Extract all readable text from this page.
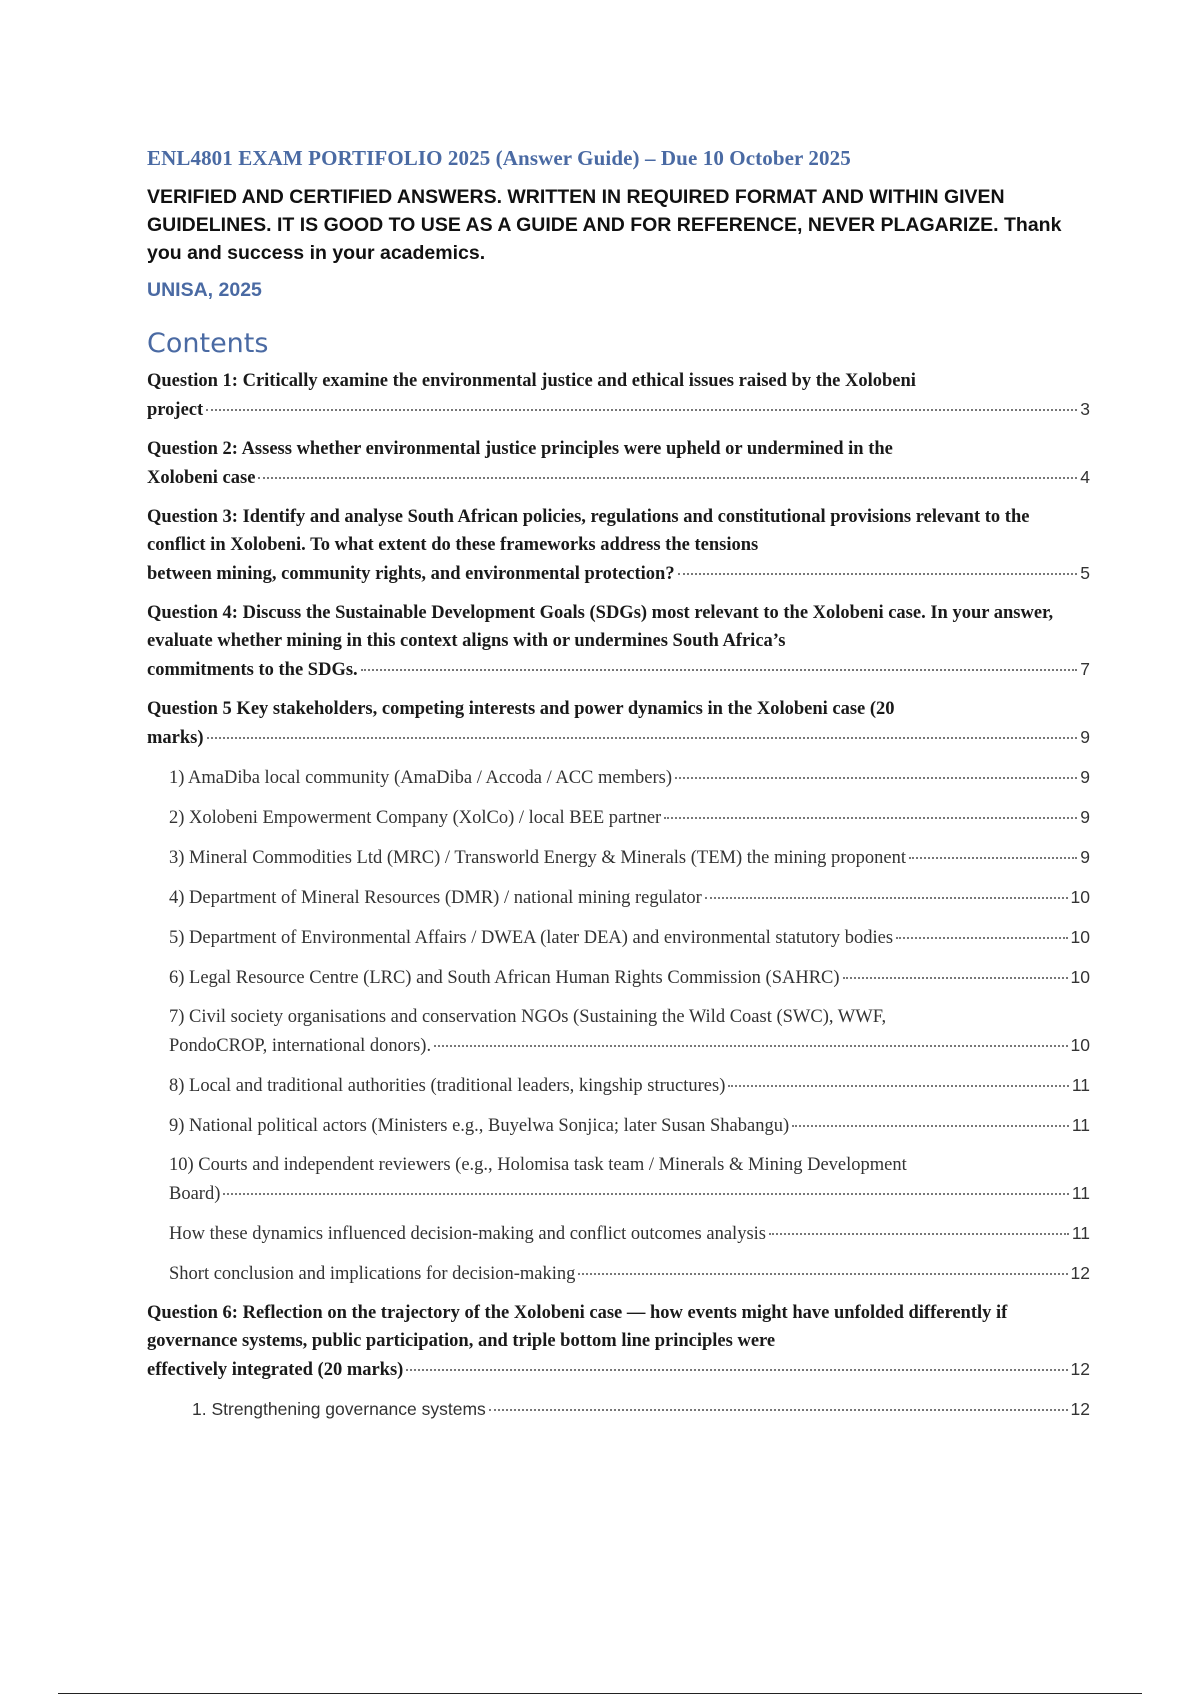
ENL4801 EXAM PORTIFOLIO 2025 (Answer Guide) – Due 10 October 2025
VERIFIED AND CERTIFIED ANSWERS. WRITTEN IN REQUIRED FORMAT AND WITHIN GIVEN GUIDELINES. IT IS GOOD TO USE AS A GUIDE AND FOR REFERENCE, NEVER PLAGARIZE. Thank you and success in your academics.
UNISA, 2025
Contents
Question 1: Critically examine the environmental justice and ethical issues raised by the Xolobeni
project	3
Question 2: Assess whether environmental justice principles were upheld or undermined in the
Xolobeni case	4
Question 3: Identify and analyse South African policies, regulations and constitutional provisions relevant to the conflict in Xolobeni. To what extent do these frameworks address the tensions
between mining, community rights, and environmental protection?	5
Question 4: Discuss the Sustainable Development Goals (SDGs) most relevant to the Xolobeni case. In your answer, evaluate whether mining in this context aligns with or undermines South Africa’s
commitments to the SDGs.	7
Question 5 Key stakeholders, competing interests and power dynamics in the Xolobeni case (20
marks)	9
1) AmaDiba local community (AmaDiba / Accoda / ACC members)	9
2) Xolobeni Empowerment Company (XolCo) / local BEE partner	9
3) Mineral Commodities Ltd (MRC) / Transworld Energy & Minerals (TEM) the mining proponent	9
4) Department of Mineral Resources (DMR) / national mining regulator	10
5) Department of Environmental Affairs / DWEA (later DEA) and environmental statutory bodies	10
6) Legal Resource Centre (LRC) and South African Human Rights Commission (SAHRC)	10
7) Civil society organisations and conservation NGOs (Sustaining the Wild Coast (SWC), WWF,
PondoCROP, international donors).	10
8) Local and traditional authorities (traditional leaders, kingship structures)	11
9) National political actors (Ministers e.g., Buyelwa Sonjica; later Susan Shabangu)	11
10) Courts and independent reviewers (e.g., Holomisa task team / Minerals & Mining Development
Board)	11
How these dynamics influenced decision-making and conflict outcomes analysis	11
Short conclusion and implications for decision-making	12
Question 6: Reflection on the trajectory of the Xolobeni case — how events might have unfolded differently if governance systems, public participation, and triple bottom line principles were
effectively integrated (20 marks)	12
1. Strengthening governance systems	12
